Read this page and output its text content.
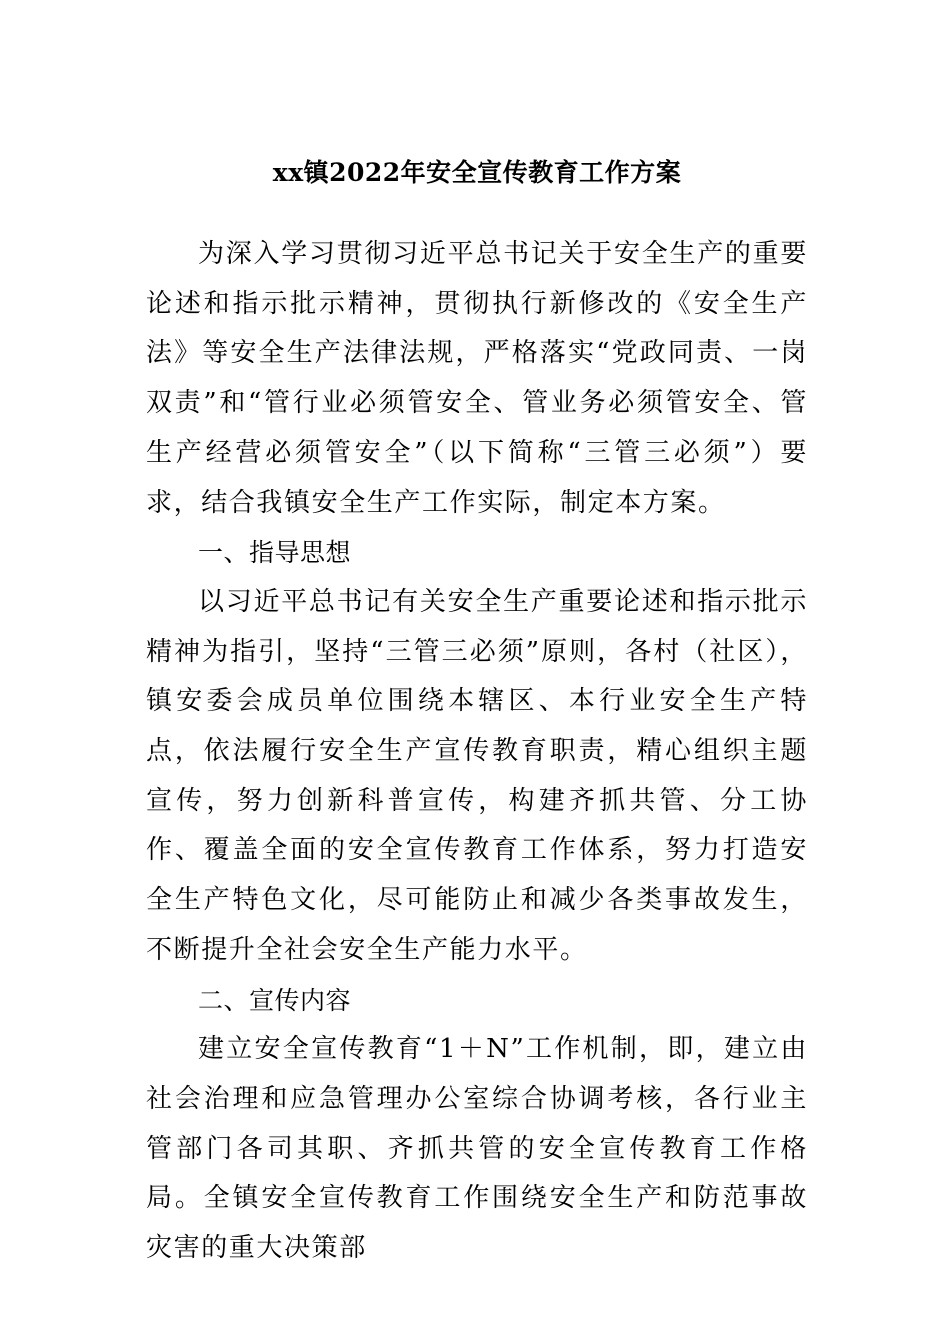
xx镇2022年安全宣传教育工作方案

为深入学习贯彻习近平总书记关于安全生产的重要论述和指示批示精神，贯彻执行新修改的《安全生产法》等安全生产法律法规，严格落实“党政同责、一岗双责”和“管行业必须管安全、管业务必须管安全、管生产经营必须管安全”（以下简称“三管三必须”）要求，结合我镇安全生产工作实际，制定本方案。

一、指导思想

以习近平总书记有关安全生产重要论述和指示批示精神为指引，坚持“三管三必须”原则，各村（社区），镇安委会成员单位围绕本辖区、本行业安全生产特点，依法履行安全生产宣传教育职责，精心组织主题宣传，努力创新科普宣传，构建齐抓共管、分工协作、覆盖全面的安全宣传教育工作体系，努力打造安全生产特色文化，尽可能防止和减少各类事故发生，不断提升全社会安全生产能力水平。

二、宣传内容

建立安全宣传教育“1＋N”工作机制，即，建立由社会治理和应急管理办公室综合协调考核，各行业主管部门各司其职、齐抓共管的安全宣传教育工作格局。全镇安全宣传教育工作围绕安全生产和防范事故灾害的重大决策部
